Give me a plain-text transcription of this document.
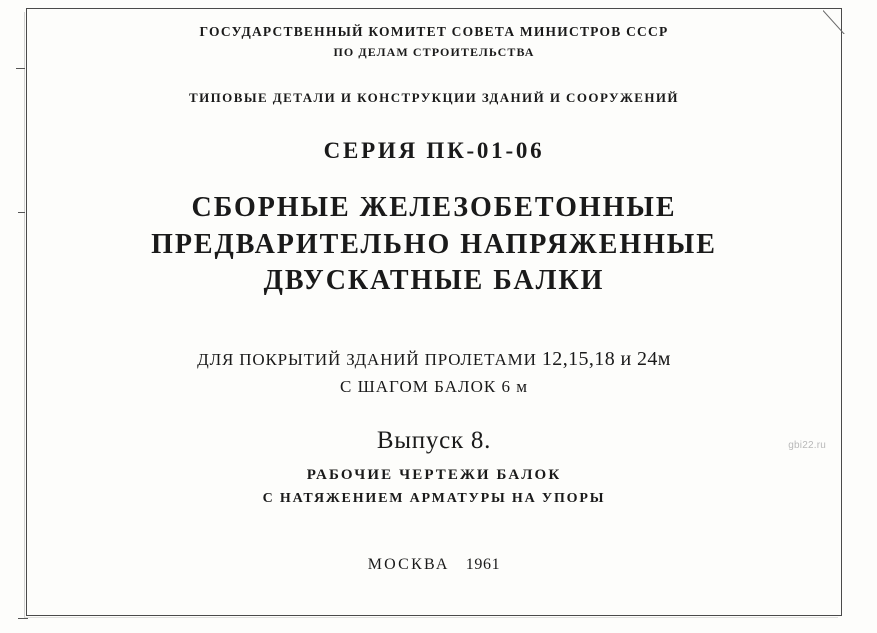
ГОСУДАРСТВЕННЫЙ КОМИТЕТ СОВЕТА МИНИСТРОВ СССР
ПО ДЕЛАМ СТРОИТЕЛЬСТВА
ТИПОВЫЕ ДЕТАЛИ И КОНСТРУКЦИИ ЗДАНИЙ И СООРУЖЕНИЙ
СЕРИЯ ПК-01-06
СБОРНЫЕ ЖЕЛЕЗОБЕТОННЫЕ
ПРЕДВАРИТЕЛЬНО НАПРЯЖЕННЫЕ
ДВУСКАТНЫЕ БАЛКИ
ДЛЯ ПОКРЫТИЙ ЗДАНИЙ ПРОЛЕТАМИ 12,15,18 и 24м
С ШАГОМ БАЛОК 6 м
Выпуск 8.
РАБОЧИЕ ЧЕРТЕЖИ БАЛОК
С НАТЯЖЕНИЕМ АРМАТУРЫ НА УПОРЫ
МОСКВА 1961
gbi22.ru
